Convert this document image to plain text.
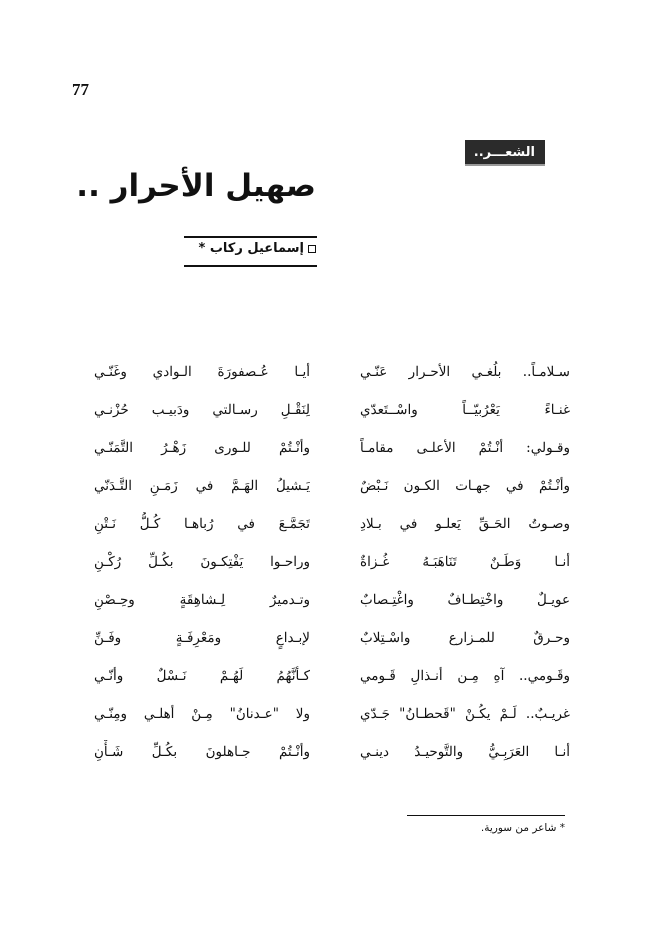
77
الشعـــر..
صهيل الأحرار ..
إسماعيل ركاب *
سـلامـاً.. بلُغـي الأحـرار عَنّـي
أيـا عُـصفورَةَ الـوادي وغَنّـي
غنـاءً يَعْرُبيّــاً واسْــتَعدّي
لِنَقْـلِ رسـالتي ودَبيـب حُزْنـي
وقـولي: أنْـتُمْ الأعلـى مقامـاً
وأنْـتُمْ للـورى زَهْـرُ التَّمَنّـي
وأنْـتُمْ في جهـات الكـون نَـبْضٌ
يَـشيلُ الهَـمَّ في زَمَـنِ التَّـدَنّي
وصـوتُ الحَـقِّ يَعلـو في بـلادِ
تَجَمَّـعَ في رُباهـا كُـلُّ نَـتْنِ
أنـا وَطَـنٌ تَنَاهَبَـهُ غُـزاةٌ
وراحـوا يَفْتِكـونَ بكُـلِّ رُكْـنِ
عويـلٌ واخْتِطـافٌ واغْتِـصابٌ
وتـدميرٌ لِـشاهِقَةٍ وحِـصْنِ
وحـرقٌ للمـزارع واسْـتِلابٌ
لإبـداعٍ ومَعْرِفَـةٍ وفَـنِّ
وقَـومي.. آهِ مِـن أنـذالِ قَـومي
كـأنَّهُمُ لَهُـمْ نَـسْلٌ وأنّـي
غريـبٌ.. لَـمْ يكُـنْ "قَحطـانُ" جَـدّي
ولا "عـدنانُ" مِـنْ أهلـي ومِنّـي
أنـا العَرَبِـيُّ والتَّوحيـدُ دينـي
وأنْـتُمْ جـاهلونَ بكُـلِّ شَـأْنِ
* شاعر من سورية.
